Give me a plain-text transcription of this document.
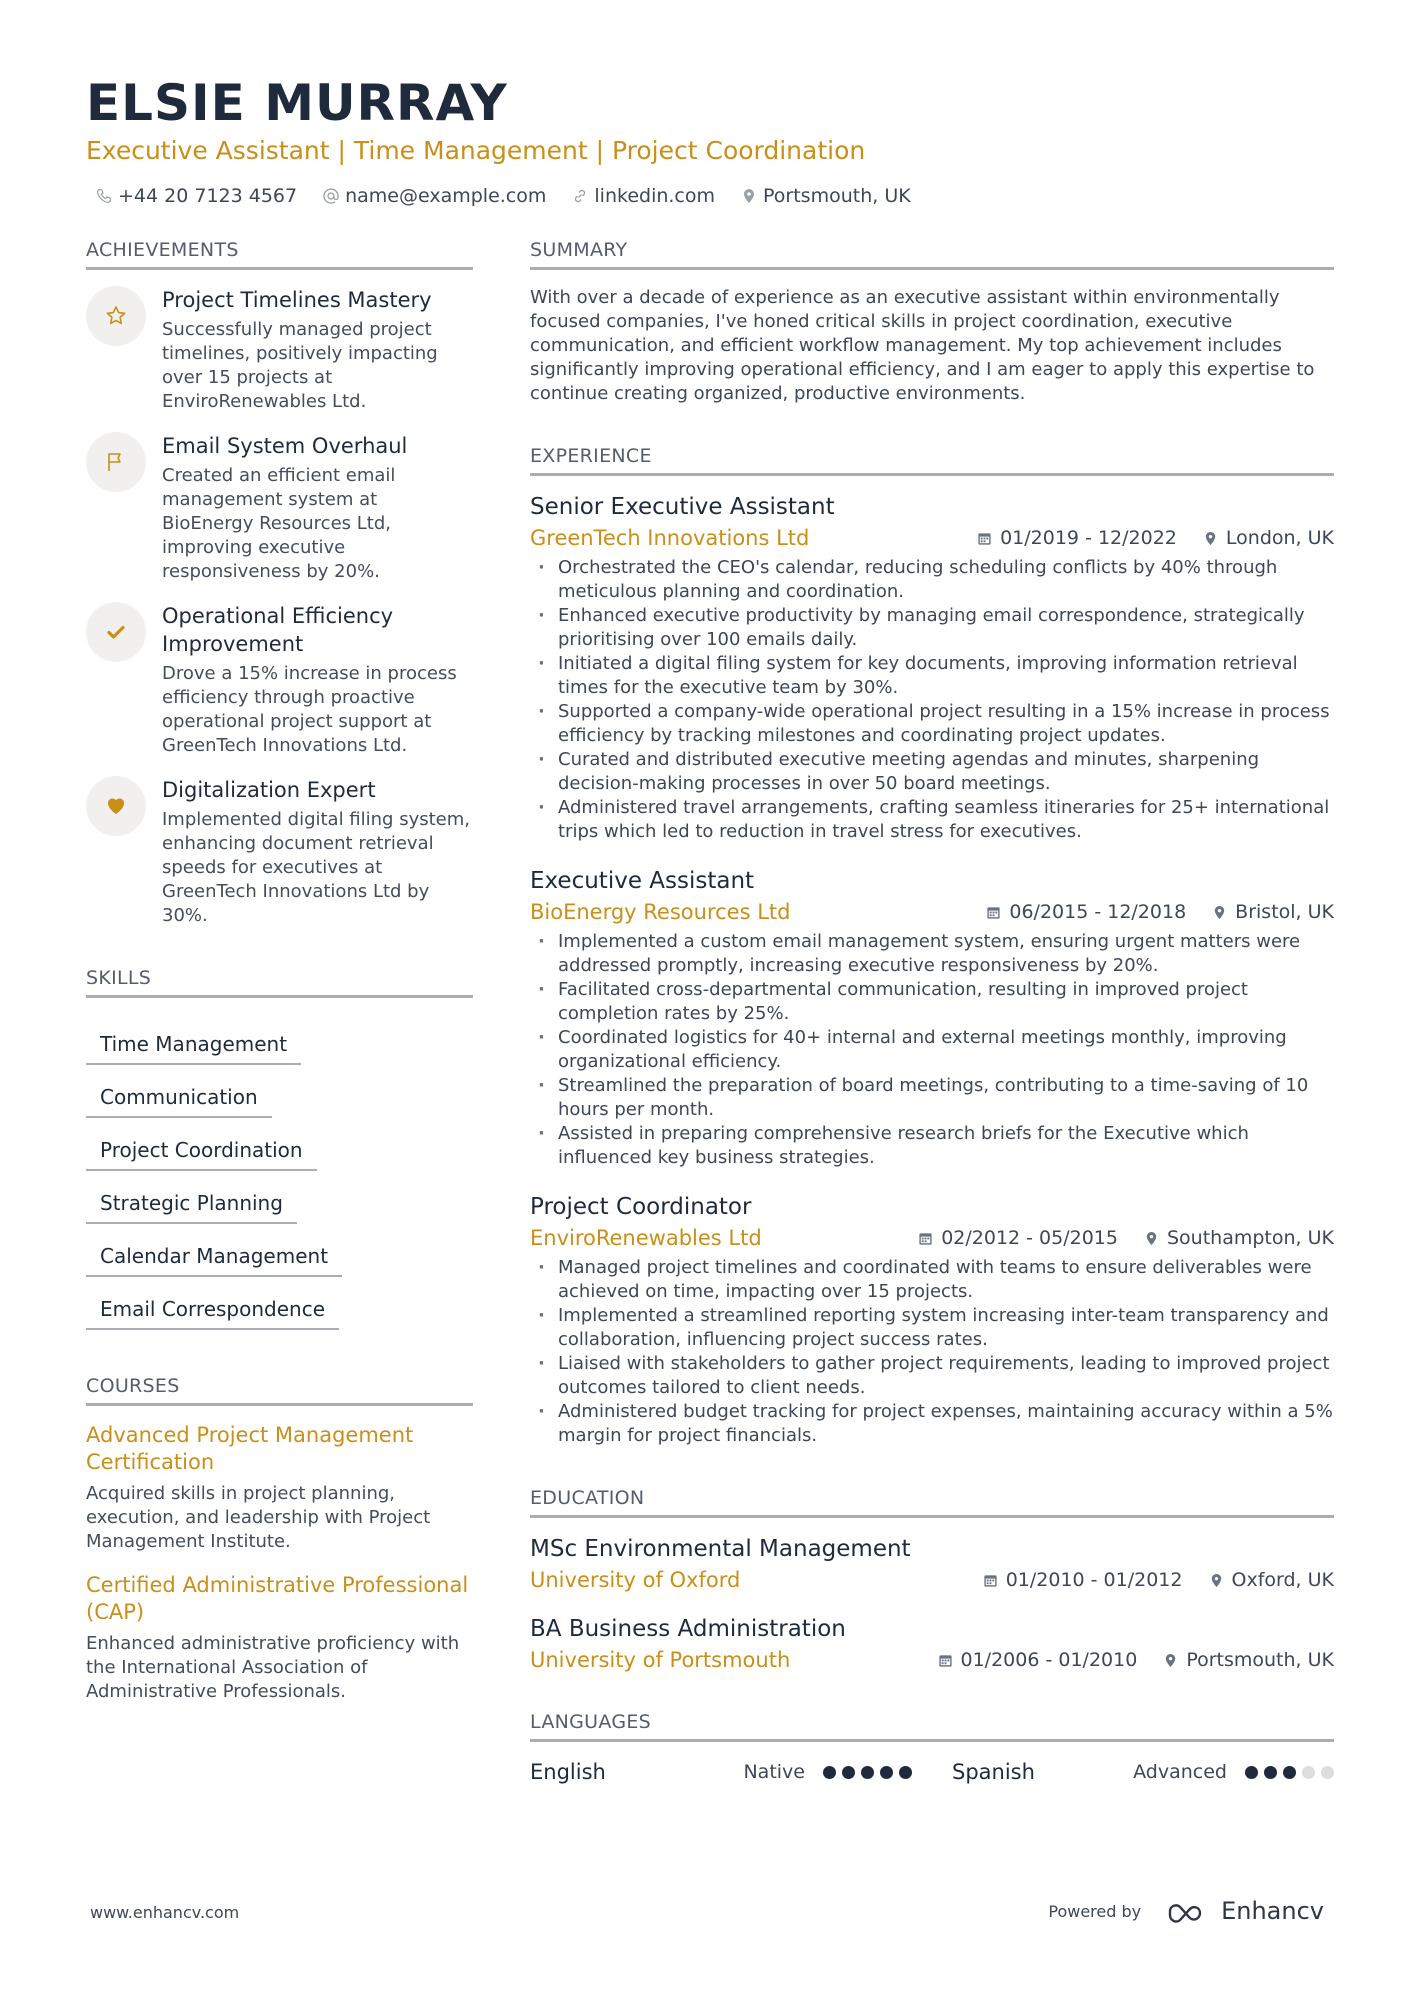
ELSIE MURRAY
Executive Assistant | Time Management | Project Coordination
+44 20 7123 4567	name@example.com	linkedin.com	Portsmouth, UK
ACHIEVEMENTS
Project Timelines Mastery
Successfully managed project timelines, positively impacting over 15 projects at EnviroRenewables Ltd.
Email System Overhaul
Created an efficient email management system at BioEnergy Resources Ltd, improving executive responsiveness by 20%.
Operational Efficiency Improvement
Drove a 15% increase in process efficiency through proactive operational project support at GreenTech Innovations Ltd.
Digitalization Expert
Implemented digital filing system, enhancing document retrieval speeds for executives at GreenTech Innovations Ltd by 30%.
SKILLS
Time Management
Communication
Project Coordination
Strategic Planning
Calendar Management
Email Correspondence
COURSES
Advanced Project Management Certification
Acquired skills in project planning, execution, and leadership with Project Management Institute.
Certified Administrative Professional (CAP)
Enhanced administrative proficiency with the International Association of Administrative Professionals.
SUMMARY
With over a decade of experience as an executive assistant within environmentally focused companies, I've honed critical skills in project coordination, executive communication, and efficient workflow management. My top achievement includes significantly improving operational efficiency, and I am eager to apply this expertise to continue creating organized, productive environments.
EXPERIENCE
Senior Executive Assistant
GreenTech Innovations Ltd	01/2019 - 12/2022	London, UK
· Orchestrated the CEO's calendar, reducing scheduling conflicts by 40% through meticulous planning and coordination.
· Enhanced executive productivity by managing email correspondence, strategically prioritising over 100 emails daily.
· Initiated a digital filing system for key documents, improving information retrieval times for the executive team by 30%.
· Supported a company-wide operational project resulting in a 15% increase in process efficiency by tracking milestones and coordinating project updates.
· Curated and distributed executive meeting agendas and minutes, sharpening decision-making processes in over 50 board meetings.
· Administered travel arrangements, crafting seamless itineraries for 25+ international trips which led to reduction in travel stress for executives.
Executive Assistant
BioEnergy Resources Ltd	06/2015 - 12/2018	Bristol, UK
· Implemented a custom email management system, ensuring urgent matters were addressed promptly, increasing executive responsiveness by 20%.
· Facilitated cross-departmental communication, resulting in improved project completion rates by 25%.
· Coordinated logistics for 40+ internal and external meetings monthly, improving organizational efficiency.
· Streamlined the preparation of board meetings, contributing to a time-saving of 10 hours per month.
· Assisted in preparing comprehensive research briefs for the Executive which influenced key business strategies.
Project Coordinator
EnviroRenewables Ltd	02/2012 - 05/2015	Southampton, UK
· Managed project timelines and coordinated with teams to ensure deliverables were achieved on time, impacting over 15 projects.
· Implemented a streamlined reporting system increasing inter-team transparency and collaboration, influencing project success rates.
· Liaised with stakeholders to gather project requirements, leading to improved project outcomes tailored to client needs.
· Administered budget tracking for project expenses, maintaining accuracy within a 5% margin for project financials.
EDUCATION
MSc Environmental Management
University of Oxford	01/2010 - 01/2012	Oxford, UK
BA Business Administration
University of Portsmouth	01/2006 - 01/2010	Portsmouth, UK
LANGUAGES
English	Native	Spanish	Advanced
www.enhancv.com	Powered by	Enhancv
